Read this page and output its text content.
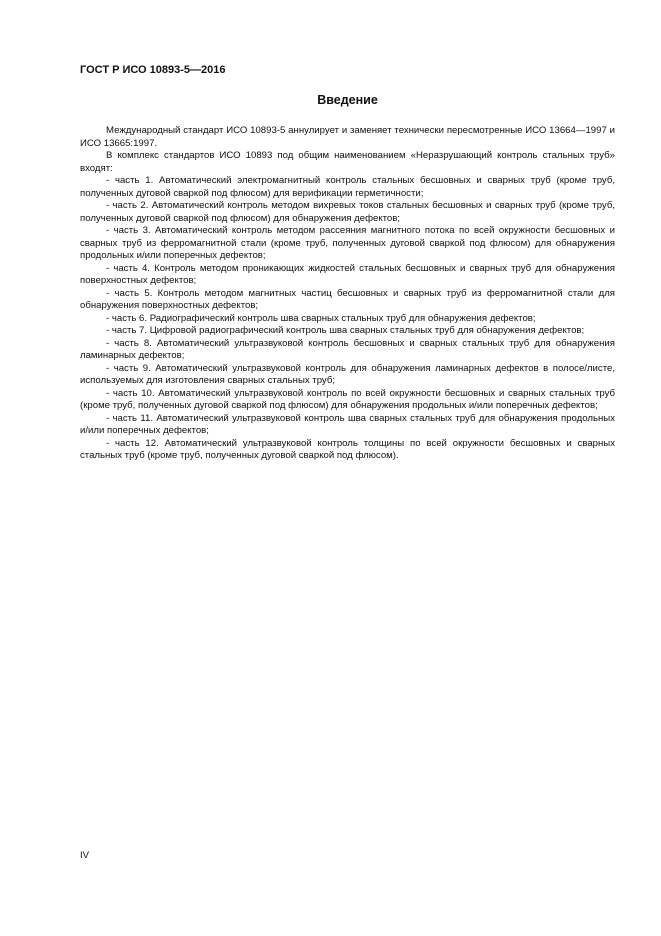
ГОСТ Р ИСО 10893-5—2016
Введение

Международный стандарт ИСО 10893-5 аннулирует и заменяет технически пересмотренные ИСО 13664—1997 и ИСО 13665:1997.

В комплекс стандартов ИСО 10893 под общим наименованием «Неразрушающий контроль стальных труб» входят:

- часть 1. Автоматический электромагнитный контроль стальных бесшовных и сварных труб (кроме труб, полученных дуговой сваркой под флюсом) для верификации герметичности;

- часть 2. Автоматический контроль методом вихревых токов стальных бесшовных и сварных труб (кроме труб, полученных дуговой сваркой под флюсом) для обнаружения дефектов;

- часть 3. Автоматический контроль методом рассеяния магнитного потока по всей окружности бесшовных и сварных труб из ферромагнитной стали (кроме труб, полученных дуговой сваркой под флюсом) для обнаружения продольных и/или поперечных дефектов;

- часть 4. Контроль методом проникающих жидкостей стальных бесшовных и сварных труб для обнаружения поверхностных дефектов;

- часть 5. Контроль методом магнитных частиц бесшовных и сварных труб из ферромагнитной стали для обнаружения поверхностных дефектов;

- часть 6. Радиографический контроль шва сварных стальных труб для обнаружения дефектов;

- часть 7. Цифровой радиографический контроль шва сварных стальных труб для обнаружения дефектов;

- часть 8. Автоматический ультразвуковой контроль бесшовных и сварных стальных труб для обнаружения ламинарных дефектов;

- часть 9. Автоматический ультразвуковой контроль для обнаружения ламинарных дефектов в полосе/листе, используемых для изготовления сварных стальных труб;

- часть 10. Автоматический ультразвуковой контроль по всей окружности бесшовных и сварных стальных труб (кроме труб, полученных дуговой сваркой под флюсом) для обнаружения продольных и/или поперечных дефектов;

- часть 11. Автоматический ультразвуковой контроль шва сварных стальных труб для обнаружения продольных и/или поперечных дефектов;

- часть 12. Автоматический ультразвуковой контроль толщины по всей окружности бесшовных и сварных стальных труб (кроме труб, полученных дуговой сваркой под флюсом).

IV
